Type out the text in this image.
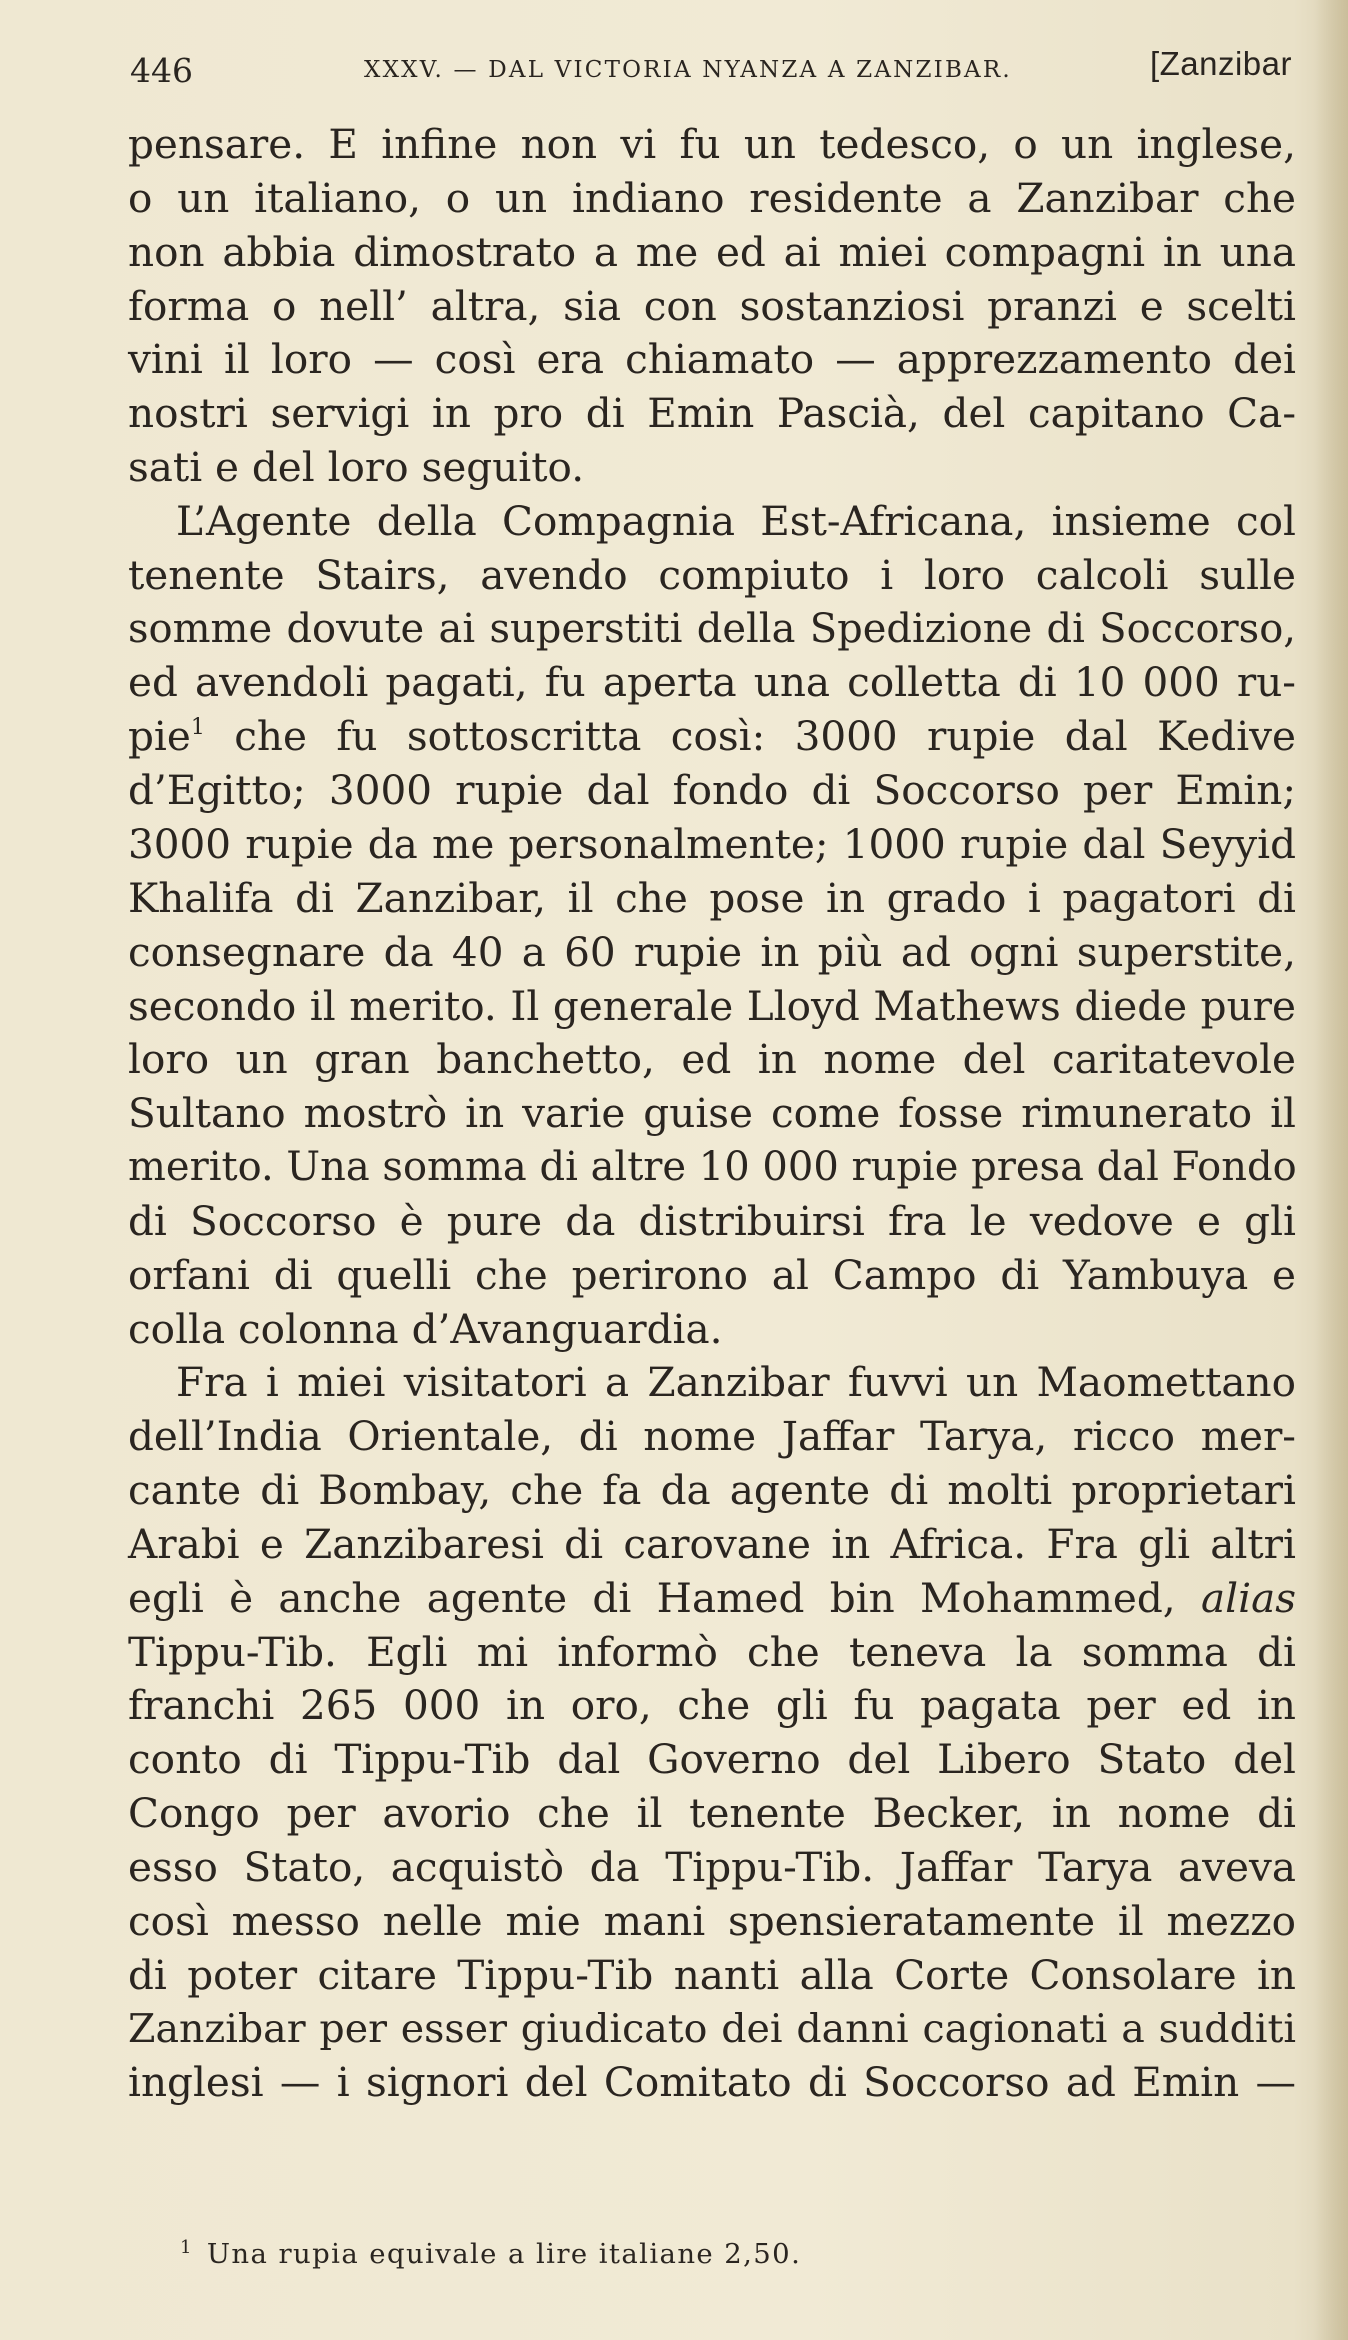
446	XXXV. — DAL VICTORIA NYANZA A ZANZIBAR.	[Zanzibar
pensare. E infine non vi fu un tedesco, o un inglese,
o un italiano, o un indiano residente a Zanzibar che
non abbia dimostrato a me ed ai miei compagni in una
forma o nell’ altra, sia con sostanziosi pranzi e scelti
vini il loro — così era chiamato — apprezzamento dei
nostri servigi in pro di Emin Pascià, del capitano Ca-
sati e del loro seguito.
L’Agente della Compagnia Est-Africana, insieme col
tenente Stairs, avendo compiuto i loro calcoli sulle
somme dovute ai superstiti della Spedizione di Soccorso,
ed avendoli pagati, fu aperta una colletta di 10 000 ru-
pie$^1$ che fu sottoscritta così: 3000 rupie dal Kedive
d’Egitto; 3000 rupie dal fondo di Soccorso per Emin;
3000 rupie da me personalmente; 1000 rupie dal Seyyid
Khalifa di Zanzibar, il che pose in grado i pagatori di
consegnare da 40 a 60 rupie in più ad ogni superstite,
secondo il merito. Il generale Lloyd Mathews diede pure
loro un gran banchetto, ed in nome del caritatevole
Sultano mostrò in varie guise come fosse rimunerato il
merito. Una somma di altre 10 000 rupie presa dal Fondo
di Soccorso è pure da distribuirsi fra le vedove e gli
orfani di quelli che perirono al Campo di Yambuya e
colla colonna d’Avanguardia.
Fra i miei visitatori a Zanzibar fuvvi un Maomettano
dell’India Orientale, di nome Jaffar Tarya, ricco mer-
cante di Bombay, che fa da agente di molti proprietari
Arabi e Zanzibaresi di carovane in Africa. Fra gli altri
egli è anche agente di Hamed bin Mohammed, alias
Tippu-Tib. Egli mi informò che teneva la somma di
franchi 265 000 in oro, che gli fu pagata per ed in
conto di Tippu-Tib dal Governo del Libero Stato del
Congo per avorio che il tenente Becker, in nome di
esso Stato, acquistò da Tippu-Tib. Jaffar Tarya aveva
così messo nelle mie mani spensieratamente il mezzo
di poter citare Tippu-Tib nanti alla Corte Consolare in
Zanzibar per esser giudicato dei danni cagionati a sudditi
inglesi — i signori del Comitato di Soccorso ad Emin —
$^1$ Una rupia equivale a lire italiane 2,50.
